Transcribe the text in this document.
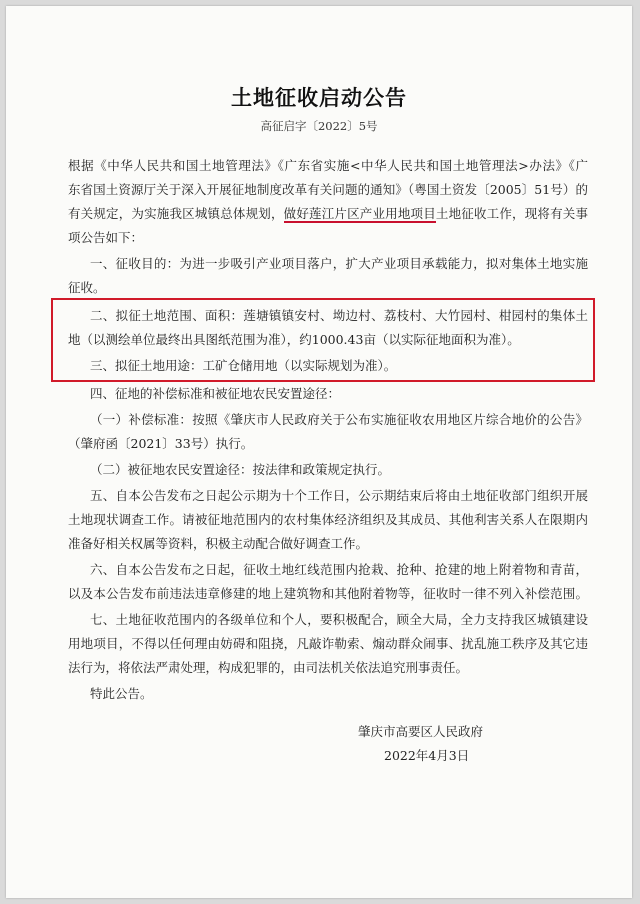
土地征收启动公告
高征启字〔2022〕5号
根据《中华人民共和国土地管理法》《广东省实施<中华人民共和国土地管理法>办法》《广
东省国土资源厅关于深入开展征地制度改革有关问题的通知》（粤国土资发〔2005〕51号）的
有关规定，为实施我区城镇总体规划，做好莲江片区产业用地项目土地征收工作，现将有关事
项公告如下：
一、征收目的：为进一步吸引产业项目落户，扩大产业项目承载能力，拟对集体土地实施
征收。
二、拟征土地范围、面积：莲塘镇镇安村、坳边村、荔枝村、大竹园村、柑园村的集体土
地（以测绘单位最终出具图纸范围为准），约1000.43亩（以实际征地面积为准）。
三、拟征土地用途：工矿仓储用地（以实际规划为准）。
四、征地的补偿标准和被征地农民安置途径：
（一）补偿标准：按照《肇庆市人民政府关于公布实施征收农用地区片综合地价的公告》
（肇府函〔2021〕33号）执行。
（二）被征地农民安置途径：按法律和政策规定执行。
五、自本公告发布之日起公示期为十个工作日，公示期结束后将由土地征收部门组织开展
土地现状调查工作。请被征地范围内的农村集体经济组织及其成员、其他利害关系人在限期内
准备好相关权属等资料，积极主动配合做好调查工作。
六、自本公告发布之日起，征收土地红线范围内抢栽、抢种、抢建的地上附着物和青苗，
以及本公告发布前违法违章修建的地上建筑物和其他附着物等，征收时一律不列入补偿范围。
七、土地征收范围内的各级单位和个人，要积极配合，顾全大局，全力支持我区城镇建设
用地项目，不得以任何理由妨碍和阻挠，凡敲诈勒索、煽动群众闹事、扰乱施工秩序及其它违
法行为，将依法严肃处理，构成犯罪的，由司法机关依法追究刑事责任。
特此公告。
肇庆市高要区人民政府
2022年4月3日
